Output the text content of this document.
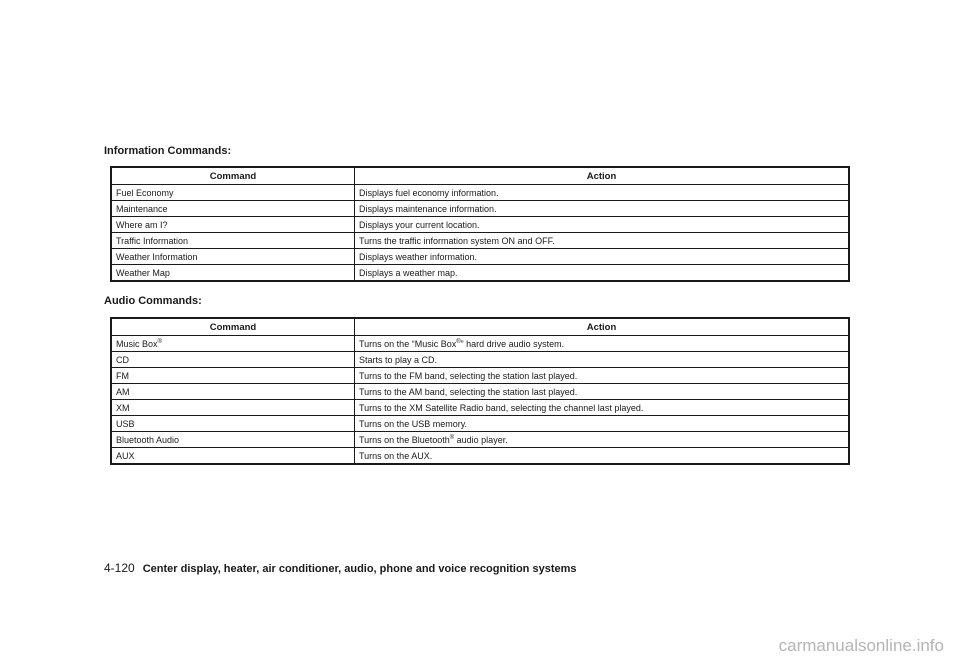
Information Commands:
Command	Action
Fuel Economy	Displays fuel economy information.
Maintenance	Displays maintenance information.
Where am I?	Displays your current location.
Traffic Information	Turns the traffic information system ON and OFF.
Weather Information	Displays weather information.
Weather Map	Displays a weather map.
Audio Commands:
Command	Action
Music Box®	Turns on the “Music Box®” hard drive audio system.
CD	Starts to play a CD.
FM	Turns to the FM band, selecting the station last played.
AM	Turns to the AM band, selecting the station last played.
XM	Turns to the XM Satellite Radio band, selecting the channel last played.
USB	Turns on the USB memory.
Bluetooth Audio	Turns on the Bluetooth® audio player.
AUX	Turns on the AUX.
4-120 Center display, heater, air conditioner, audio, phone and voice recognition systems
carmanualsonline.info
